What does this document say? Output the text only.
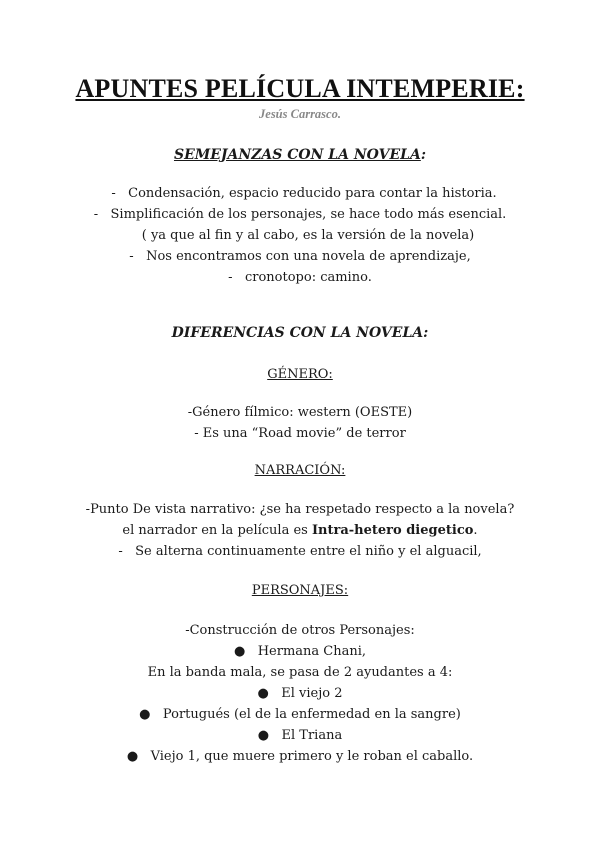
APUNTES PELÍCULA INTEMPERIE:
Jesús Carrasco.
SEMEJANZAS CON LA NOVELA:
- Condensación, espacio reducido para contar la historia.
- Simplificación de los personajes, se hace todo más esencial.
( ya que al fin y al cabo, es la versión de la novela)
- Nos encontramos con una novela de aprendizaje,
- cronotopo: camino.
DIFERENCIAS CON LA NOVELA:
GÉNERO:
-Género fílmico: western (OESTE)
- Es una “Road movie” de terror
NARRACIÓN:
-Punto De vista narrativo: ¿se ha respetado respecto a la novela?
el narrador en la película es Intra-hetero diegetico.
- Se alterna continuamente entre el niño y el alguacil,
PERSONAJES:
-Construcción de otros Personajes:
● Hermana Chani,
En la banda mala, se pasa de 2 ayudantes a 4:
● El viejo 2
● Portugués (el de la enfermedad en la sangre)
● El Triana
● Viejo 1, que muere primero y le roban el caballo.
